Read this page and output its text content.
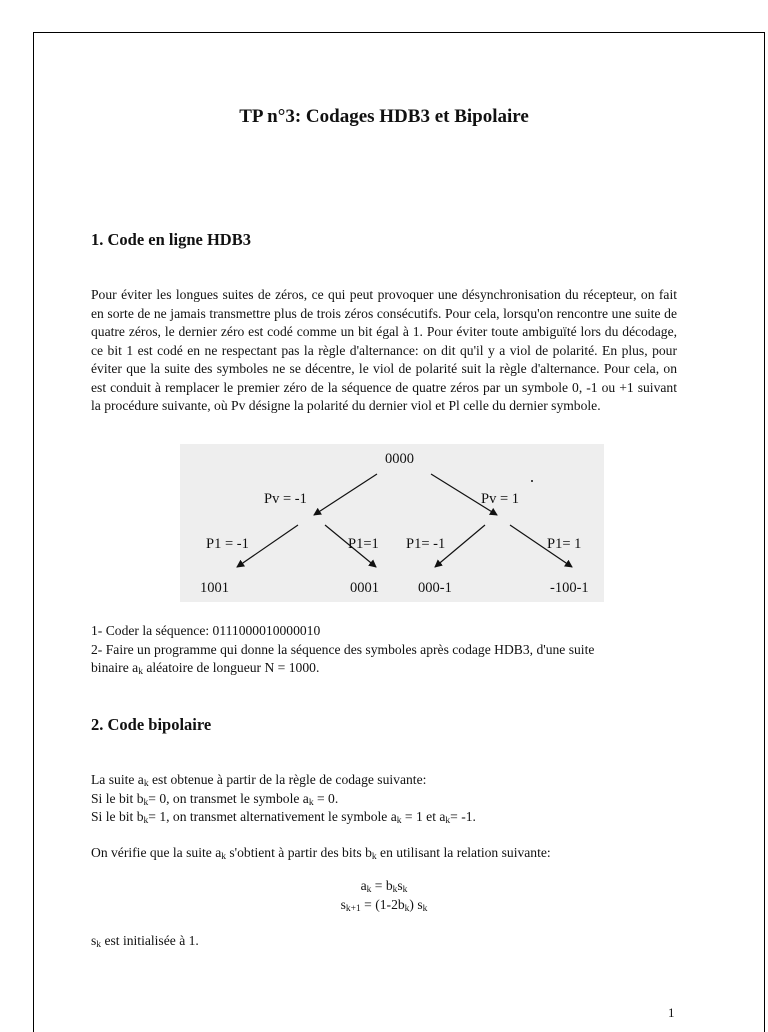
TP n°3: Codages HDB3 et Bipolaire
1. Code en ligne HDB3
Pour éviter les longues suites de zéros, ce qui peut provoquer une désynchronisation du récepteur, on fait en sorte de ne jamais transmettre plus de trois zéros consécutifs. Pour cela, lorsqu'on rencontre une suite de quatre zéros, le dernier zéro est codé comme un bit égal à 1. Pour éviter toute ambiguïté lors du décodage, ce bit 1 est codé en ne respectant pas la règle d'alternance: on dit qu'il y a viol de polarité. En plus, pour éviter que la suite des symboles ne se décentre, le viol de polarité suit la règle d'alternance. Pour cela, on est conduit à remplacer le premier zéro de la séquence de quatre zéros par un symbole 0, -1 ou +1 suivant la procédure suivante, où Pv désigne la polarité du dernier viol et Pl celle du dernier symbole.
0000
Pv = -1	Pv = 1
P1 = -1	P1=1 P1= -1	P1= 1
1001	0001	000-1	-100-1
1- Coder la séquence: 0111000010000010
2- Faire un programme qui donne la séquence des symboles après codage HDB3, d'une suite
binaire $a_k$ aléatoire de longueur N = 1000.
2. Code bipolaire
La suite $a_k$ est obtenue à partir de la règle de codage suivante:
Si le bit $b_k= 0$, on transmet le symbole $a_k = 0$.
Si le bit $b_k= 1$, on transmet alternativement le symbole $a_k = 1$ et $a_k= -1$.
On vérifie que la suite $a_k$ s'obtient à partir des bits $b_k$ en utilisant la relation suivante:
$a_k = b_ks_k$
$s_{k+1} = (1-2b_k)$ $s_k$
$s_k$ est initialisée à 1.
1
